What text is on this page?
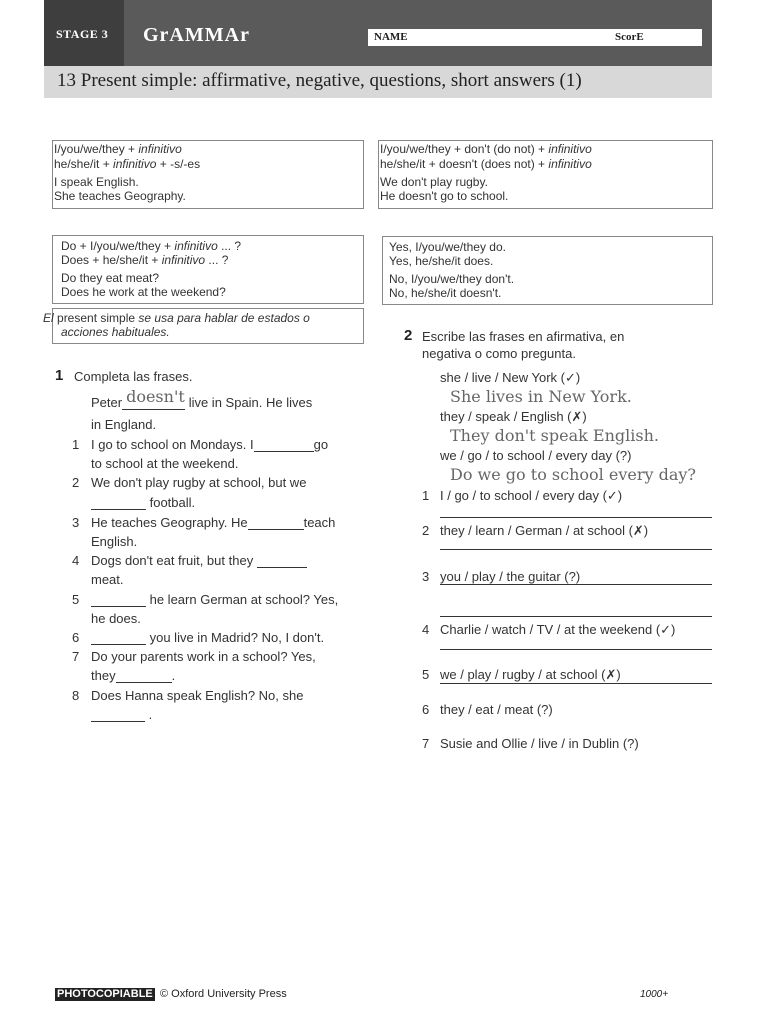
STAGE 3 GrAMMAr	NAME	ScorE
13 Present simple: affirmative, negative, questions, short answers (1)
I/you/we/they + infinitivo
he/she/it + infinitivo + -s/-es
I speak English.
She teaches Geography.
I/you/we/they + don't (do not) + infinitivo
he/she/it + doesn't (does not) + infinitivo
We don't play rugby.
He doesn't go to school.
Do + I/you/we/they + infinitivo ... ?
Does + he/she/it + infinitivo ... ?
Do they eat meat?
Does he work at the weekend?
Yes, I/you/we/they do.
Yes, he/she/it does.
No, I/you/we/they don't.
No, he/she/it doesn't.
El present simple se usa para hablar de estados o
acciones habituales.
1 Completa las frases.
Peter doesn't live in Spain. He lives
in England.
1 I go to school on Mondays. I	go
to school at the weekend.
2 We don't play rugby at school, but we
football.
3 He teaches Geography. He	teach
English.
4 Dogs don't eat fruit, but they
meat.
5	he learn German at school? Yes,
he does.
6	you live in Madrid? No, I don't.
7 Do your parents work in a school? Yes,
they	.
8 Does Hanna speak English? No, she
.
2 Escribe las frases en afirmativa, en
negativa o como pregunta.
she / live / New York (✓)
She lives in New York.
they / speak / English (✗)
They don't speak English.
we / go / to school / every day (?)
Do we go to school every day?
1 I / go / to school / every day (✓)
2 they / learn / German / at school (✗)
3 you / play / the guitar (?)
4 Charlie / watch / TV / at the weekend (✓)
5 we / play / rugby / at school (✗)
6 they / eat / meat (?)
7 Susie and Ollie / live / in Dublin (?)
PHOTOCOPIABLE © Oxford University Press	1000+
